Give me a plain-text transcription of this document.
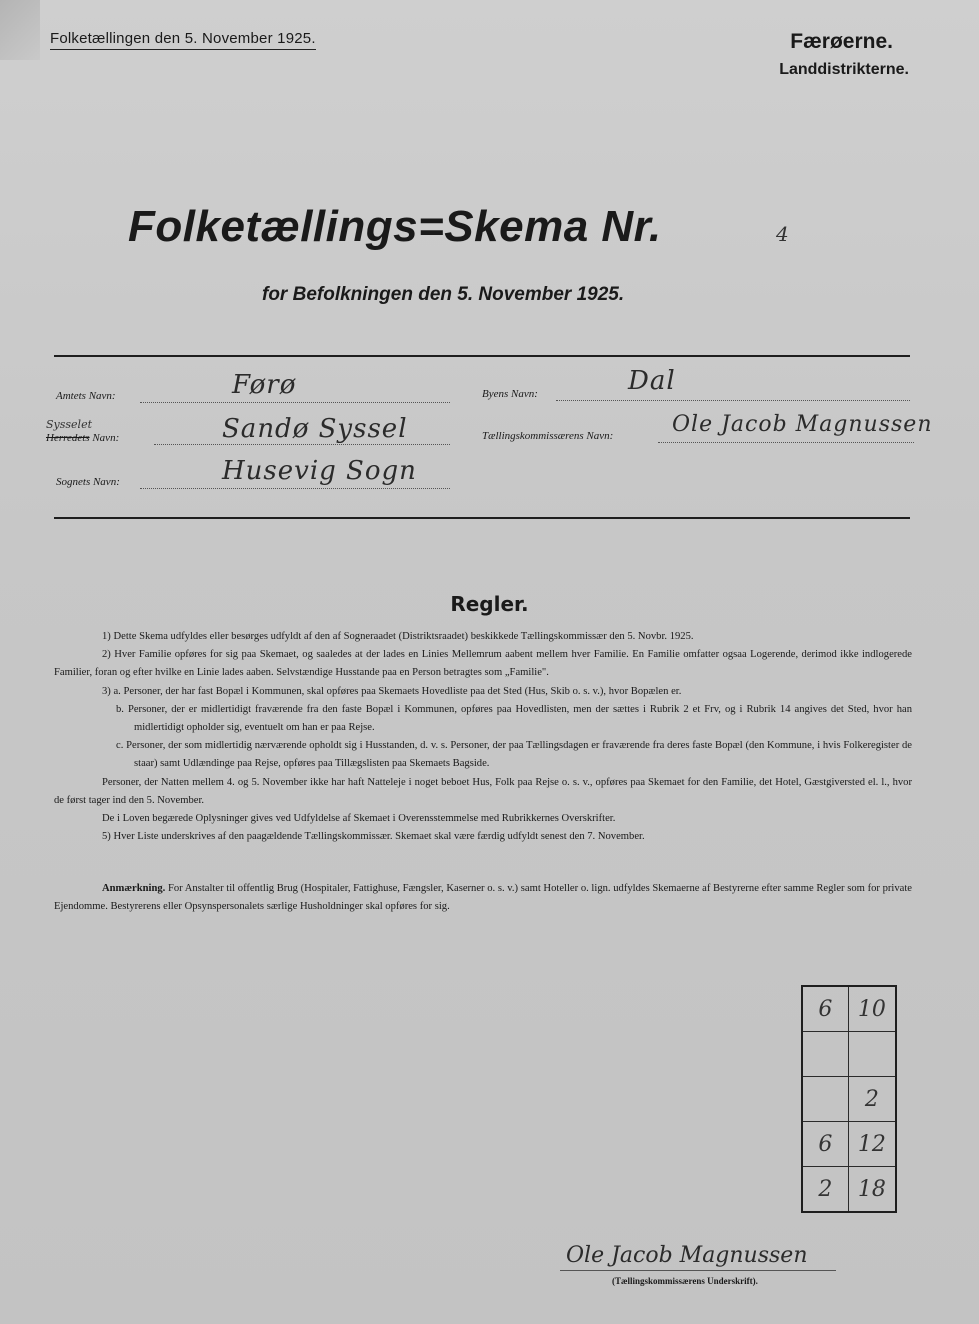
Folketællingen den 5. November 1925.	Færøerne.
Landdistrikterne.
Folketællings=Skema Nr.	4
for Befolkningen den 5. November 1925.
Amtets Navn:	Førø
Sysselet
Herredets Navn:	Sandø Syssel
Sognets Navn:	Husevig Sogn
Byens Navn:	Dal
Tællingskommissærens Navn:	Ole Jacob Magnussen
Regler.

1) Dette Skema udfyldes eller besørges udfyldt af den af Sogneraadet (Distriktsraadet) beskikkede Tællingskommissær den 5. Novbr. 1925.

2) Hver Familie opføres for sig paa Skemaet, og saaledes at der lades en Linies Mellemrum aabent mellem hver Familie. En Familie omfatter ogsaa Logerende, derimod ikke indlogerede Familier, foran og efter hvilke en Linie lades aaben. Selvstændige Husstande paa en Person betragtes som „Familie".

3) a. Personer, der har fast Bopæl i Kommunen, skal opføres paa Skemaets Hovedliste paa det Sted (Hus, Skib o. s. v.), hvor Bopælen er.

b. Personer, der er midlertidigt fraværende fra den faste Bopæl i Kommunen, opføres paa Hovedlisten, men der sættes i Rubrik 2 et Frv, og i Rubrik 14 angives det Sted, hvor han midlertidigt opholder sig, eventuelt om han er paa Rejse.

c. Personer, der som midlertidig nærværende opholdt sig i Husstanden, d. v. s. Personer, der paa Tællingsdagen er fraværende fra deres faste Bopæl (den Kommune, i hvis Folkeregister de staar) samt Udlændinge paa Rejse, opføres paa Tillægslisten paa Skemaets Bagside.

Personer, der Natten mellem 4. og 5. November ikke har haft Natteleje i noget beboet Hus, Folk paa Rejse o. s. v., opføres paa Skemaet for den Familie, det Hotel, Gæstgiversted el. l., hvor de først tager ind den 5. November.

De i Loven begærede Oplysninger gives ved Udfyldelse af Skemaet i Overensstemmelse med Rubrikkernes Overskrifter.

5) Hver Liste underskrives af den paagældende Tællingskommissær. Skemaet skal være færdig udfyldt senest den 7. November.

Anmærkning. For Anstalter til offentlig Brug (Hospitaler, Fattighuse, Fængsler, Kaserner o. s. v.) samt Hoteller o. lign. udfyldes Skemaerne af Bestyrerne efter samme Regler som for private Ejendomme. Bestyrerens eller Opsynspersonalets særlige Husholdninger skal opføres for sig.
6	10

	2
6	12
2	18
Ole Jacob Magnussen
(Tællingskommissærens Underskrift).
